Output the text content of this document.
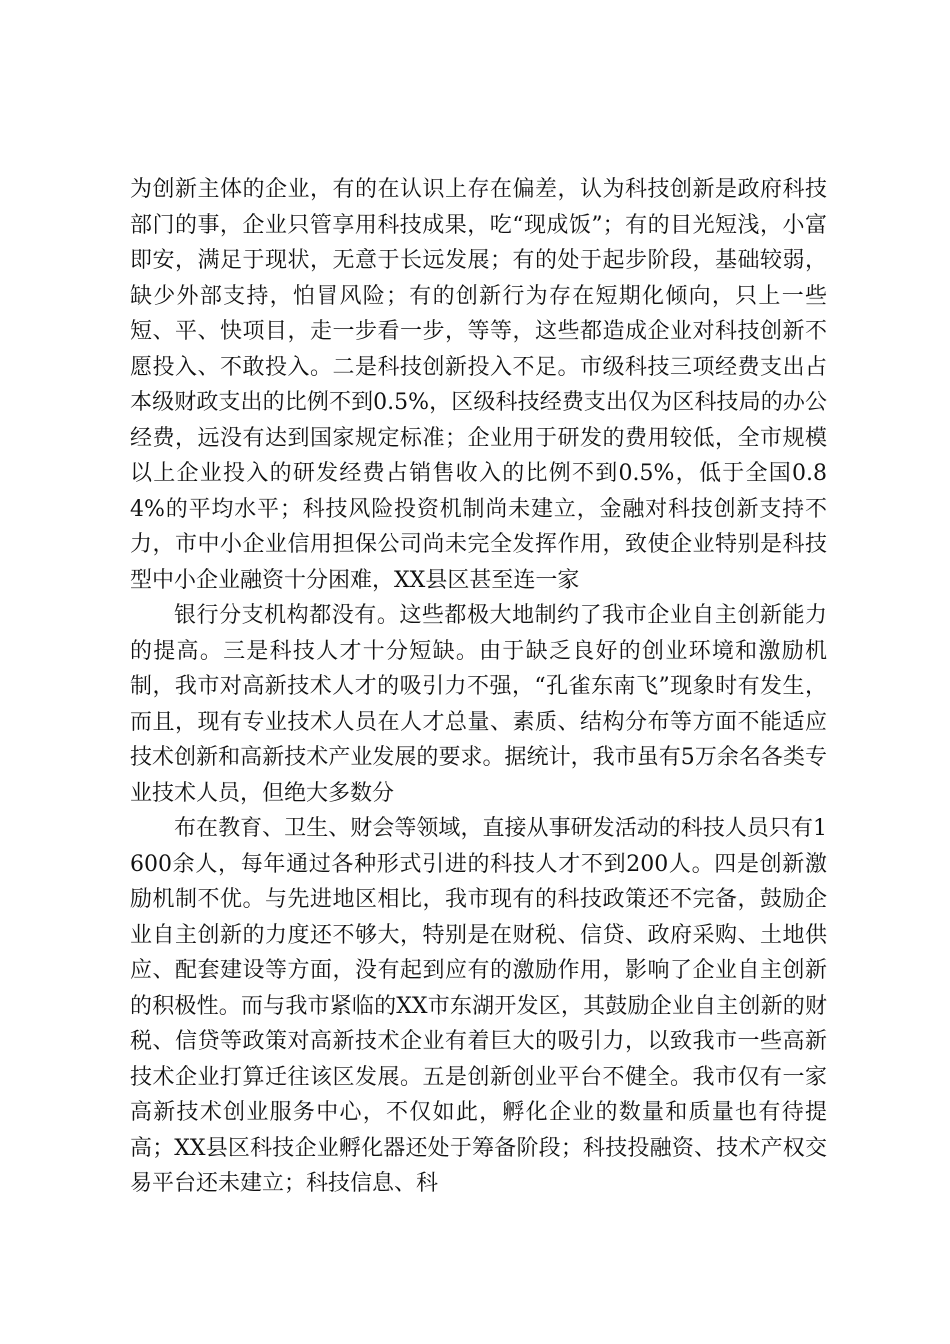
为创新主体的企业，有的在认识上存在偏差，认为科技创新是政府科技部门的事，企业只管享用科技成果，吃“现成饭”；有的目光短浅，小富即安，满足于现状，无意于长远发展；有的处于起步阶段，基础较弱，缺少外部支持，怕冒风险；有的创新行为存在短期化倾向，只上一些短、平、快项目，走一步看一步，等等，这些都造成企业对科技创新不愿投入、不敢投入。二是科技创新投入不足。市级科技三项经费支出占本级财政支出的比例不到0.5%，区级科技经费支出仅为区科技局的办公经费，远没有达到国家规定标准；企业用于研发的费用较低，全市规模以上企业投入的研发经费占销售收入的比例不到0.5%，低于全国0.84%的平均水平；科技风险投资机制尚未建立，金融对科技创新支持不力，市中小企业信用担保公司尚未完全发挥作用，致使企业特别是科技型中小企业融资十分困难，XX县区甚至连一家

银行分支机构都没有。这些都极大地制约了我市企业自主创新能力的提高。三是科技人才十分短缺。由于缺乏良好的创业环境和激励机制，我市对高新技术人才的吸引力不强，“孔雀东南飞”现象时有发生，而且，现有专业技术人员在人才总量、素质、结构分布等方面不能适应技术创新和高新技术产业发展的要求。据统计，我市虽有5万余名各类专业技术人员，但绝大多数分

布在教育、卫生、财会等领域，直接从事研发活动的科技人员只有1600余人，每年通过各种形式引进的科技人才不到200人。四是创新激励机制不优。与先进地区相比，我市现有的科技政策还不完备，鼓励企业自主创新的力度还不够大，特别是在财税、信贷、政府采购、土地供应、配套建设等方面，没有起到应有的激励作用，影响了企业自主创新的积极性。而与我市紧临的XX市东湖开发区，其鼓励企业自主创新的财税、信贷等政策对高新技术企业有着巨大的吸引力，以致我市一些高新技术企业打算迁往该区发展。五是创新创业平台不健全。我市仅有一家高新技术创业服务中心，不仅如此，孵化企业的数量和质量也有待提高；XX县区科技企业孵化器还处于筹备阶段；科技投融资、技术产权交易平台还未建立；科技信息、科
